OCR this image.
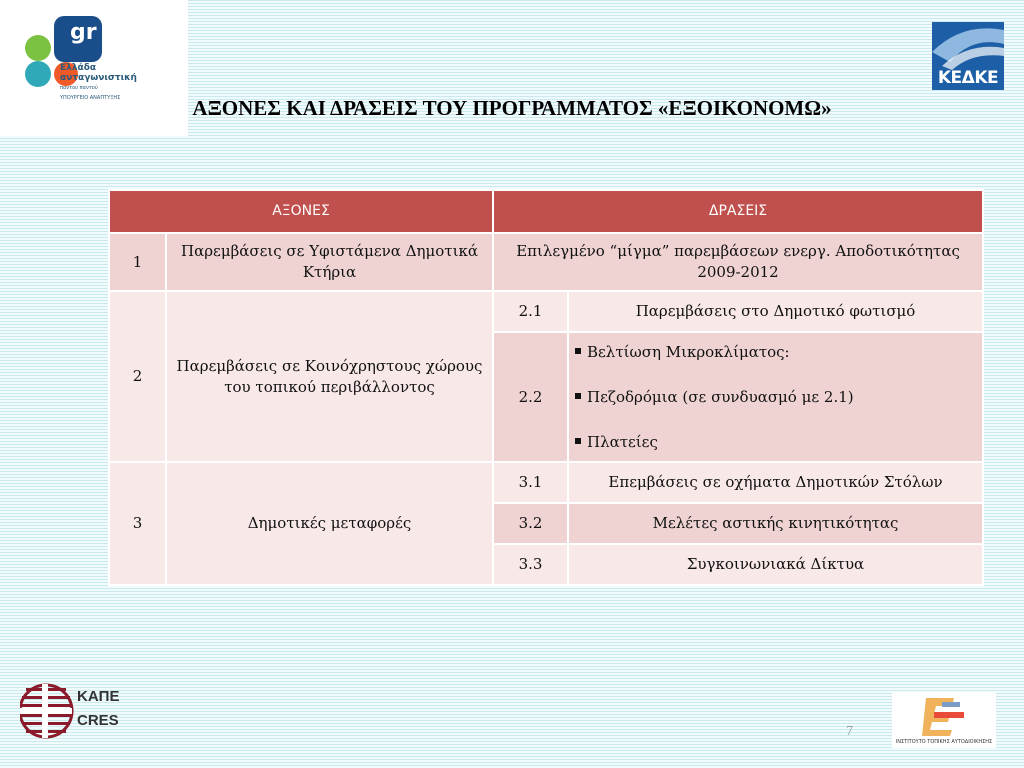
gr
Ελλάδα
ανταγωνιστική
παντού παντού
ΥΠΟΥΡΓΕΙΟ ΑΝΑΠΤΥΞΗΣ
ΚΕΔΚΕ
ΑΞΟΝΕΣ ΚΑΙ ΔΡΑΣΕΙΣ ΤΟΥ ΠΡΟΓΡΑΜΜΑΤΟΣ «ΕΞΟΙΚΟΝΟΜΩ»
ΑΞΟΝΕΣ		ΔΡΑΣΕΙΣ	
1	Παρεμβάσεις σε Υφιστάμενα Δημοτικά Κτήρια	Επιλεγμένο “μίγμα” παρεμβάσεων ενεργ. Αποδοτικότητας 2009-2012	
2	Παρεμβάσεις σε Κοινόχρηστους χώρους του τοπικού περιβάλλοντος	2.1	Παρεμβάσεις στο Δημοτικό φωτισμό
		2.2	Βελτίωση Μικροκλίματος:
Πεζοδρόμια (σε συνδυασμό με 2.1)
Πλατείες

3	Δημοτικές μεταφορές	3.1	Επεμβάσεις σε οχήματα Δημοτικών Στόλων
		3.2	Μελέτες αστικής κινητικότητας
		3.3	Συγκοινωνιακά Δίκτυα
ΚΑΠΕ
CRES
7
ΙΝΣΤΙΤΟΥΤΟ ΤΟΠΙΚΗΣ ΑΥΤΟΔΙΟΙΚΗΣΗΣ
